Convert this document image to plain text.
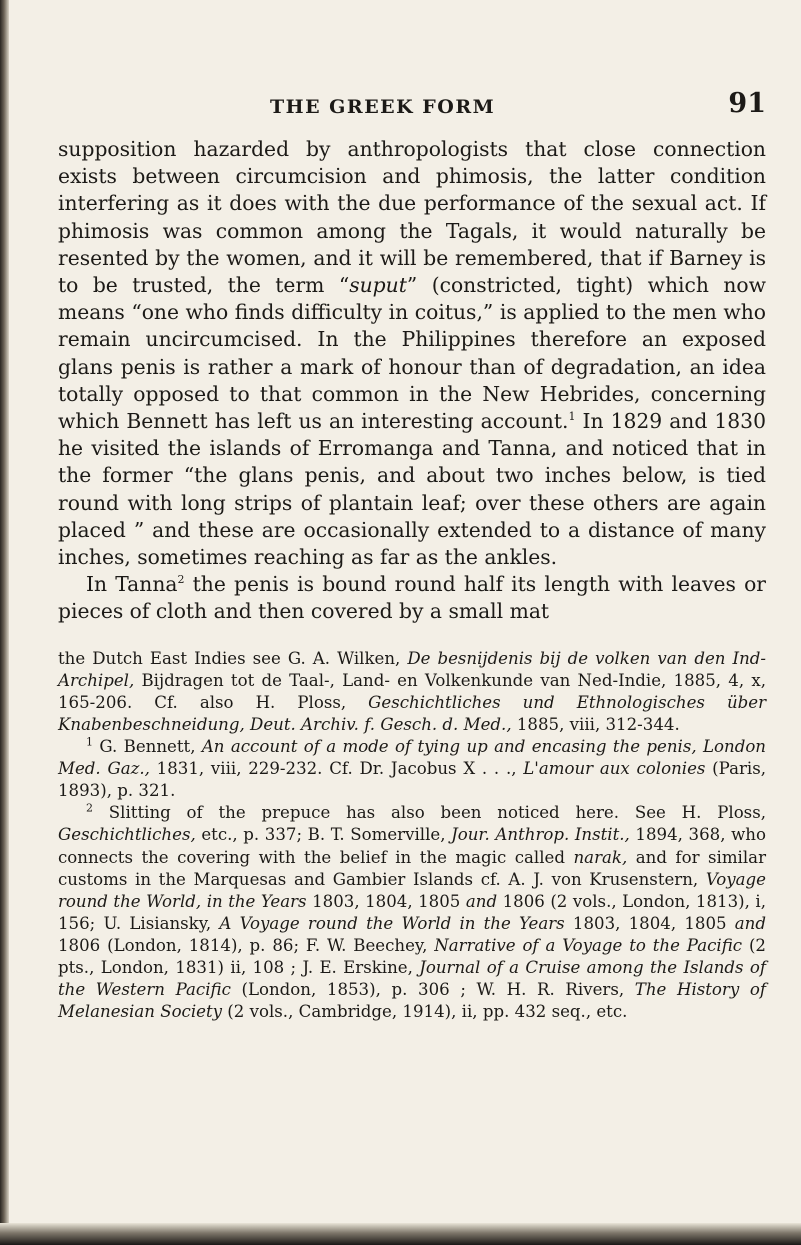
THE GREEK FORM	91

supposition hazarded by anthropologists that close connection exists between circumcision and phimosis, the latter condition interfering as it does with the due performance of the sexual act. If phimosis was common among the Tagals, it would naturally be resented by the women, and it will be remembered, that if Barney is to be trusted, the term “suput” (constricted, tight) which now means “one who finds difficulty in coitus,” is applied to the men who remain uncircumcised. In the Philippines therefore an exposed glans penis is rather a mark of honour than of degradation, an idea totally opposed to that common in the New Hebrides, concerning which Bennett has left us an interesting account.$^1$ In 1829 and 1830 he visited the islands of Erromanga and Tanna, and noticed that in the former “the glans penis, and about two inches below, is tied round with long strips of plantain leaf; over these others are again placed ” and these are occasionally extended to a distance of many inches, sometimes reaching as far as the ankles.

In Tanna$^2$ the penis is bound round half its length with leaves or pieces of cloth and then covered by a small mat

the Dutch East Indies see G. A. Wilken, De besnijdenis bij de volken van den Ind-Archipel, Bijdragen tot de Taal-, Land- en Volkenkunde van Ned-Indie, 1885, 4, x, 165-206. Cf. also H. Ploss, Geschichtliches und Ethnologisches über Knabenbeschneidung, Deut. Archiv. f. Gesch. d. Med., 1885, viii, 312-344.

$^1$ G. Bennett, An account of a mode of tying up and encasing the penis, London Med. Gaz., 1831, viii, 229-232. Cf. Dr. Jacobus X . . ., L'amour aux colonies (Paris, 1893), p. 321.

$^2$ Slitting of the prepuce has also been noticed here. See H. Ploss, Geschichtliches, etc., p. 337; B. T. Somerville, Jour. Anthrop. Instit., 1894, 368, who connects the covering with the belief in the magic called narak, and for similar customs in the Marquesas and Gambier Islands cf. A. J. von Krusenstern, Voyage round the World, in the Years 1803, 1804, 1805 and 1806 (2 vols., London, 1813), i, 156; U. Lisiansky, A Voyage round the World in the Years 1803, 1804, 1805 and 1806 (London, 1814), p. 86; F. W. Beechey, Narrative of a Voyage to the Pacific (2 pts., London, 1831) ii, 108 ; J. E. Erskine, Journal of a Cruise among the Islands of the Western Pacific (London, 1853), p. 306 ; W. H. R. Rivers, The History of Melanesian Society (2 vols., Cambridge, 1914), ii, pp. 432 seq., etc.
